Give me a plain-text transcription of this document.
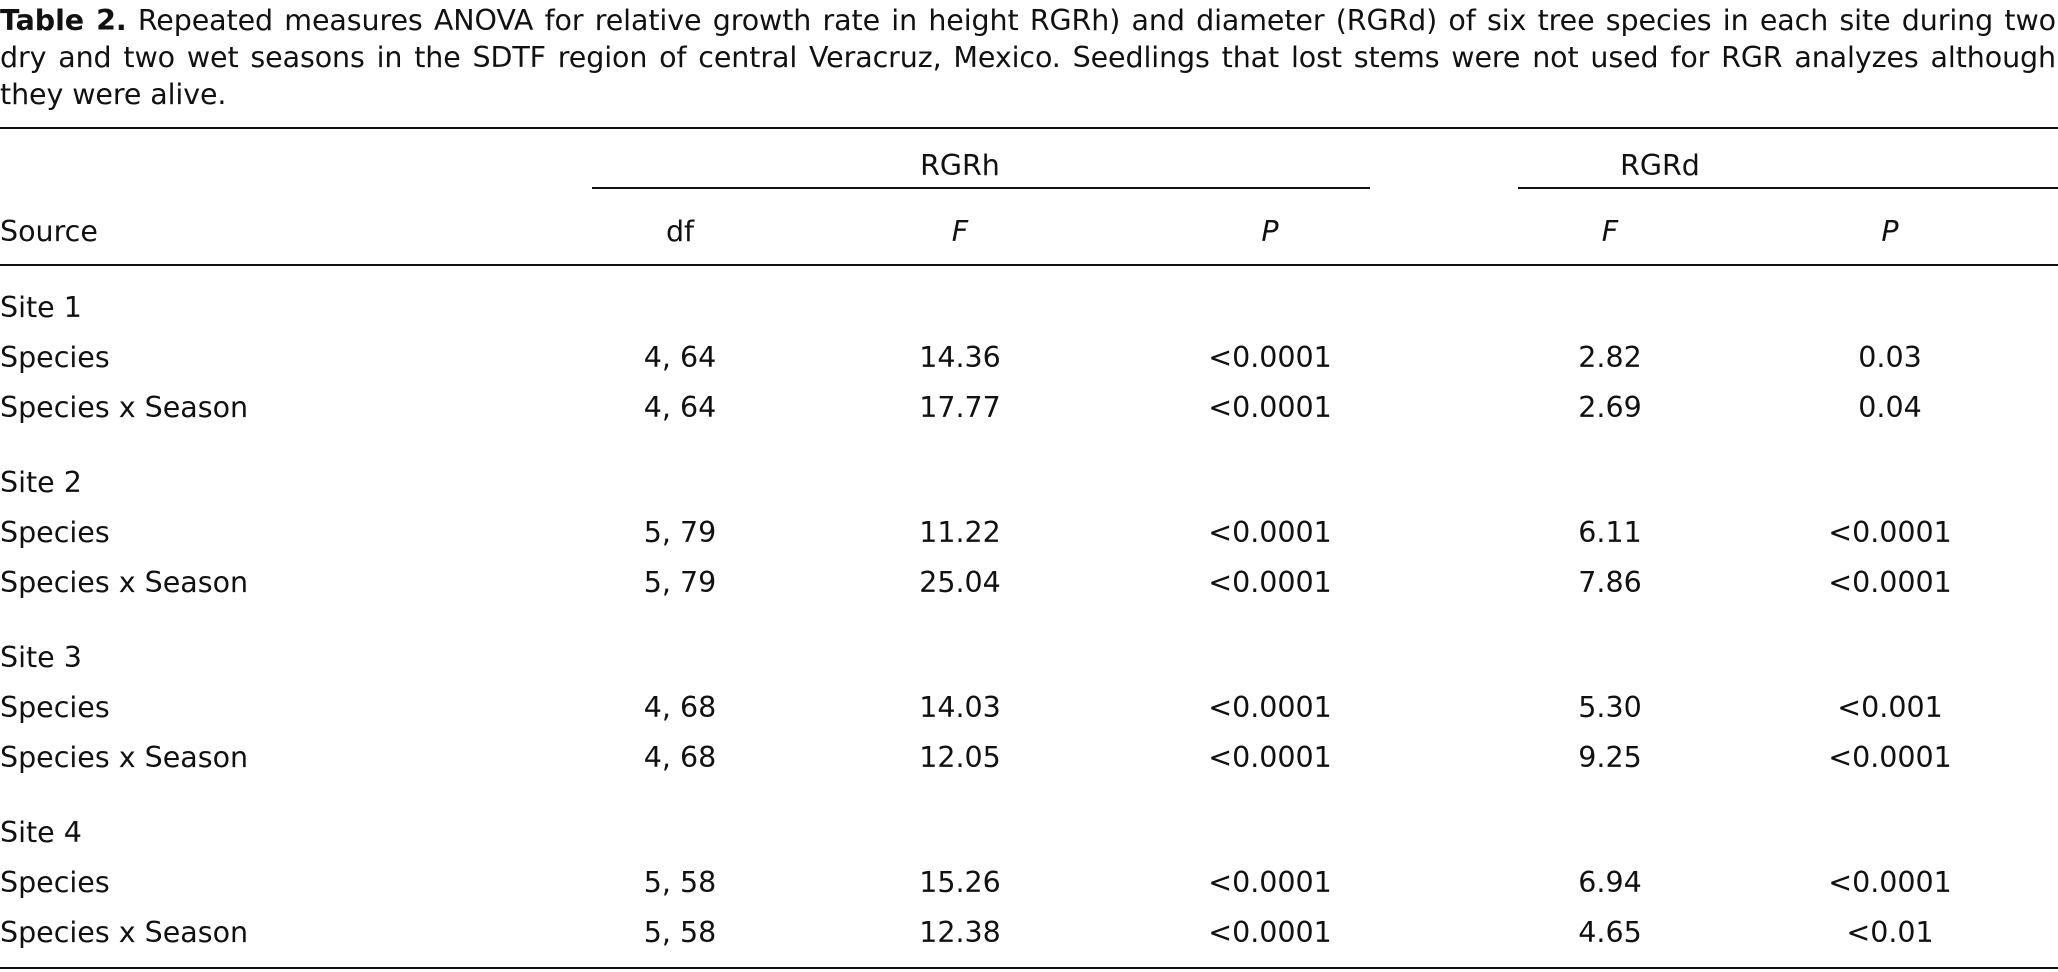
Table 2. Repeated measures ANOVA for relative growth rate in height RGRh) and diameter (RGRd) of six tree species in each site during two dry and two wet seasons in the SDTF region of central Veracruz, Mexico. Seedlings that lost stems were not used for RGR analyzes although they were alive.
RGRh	RGRd
Source	df	F	P	F	P
Site 1
Species	4, 64	14.36	<0.0001	2.82	0.03
Species x Season	4, 64	17.77	<0.0001	2.69	0.04
Site 2
Species	5, 79	11.22	<0.0001	6.11	<0.0001
Species x Season	5, 79	25.04	<0.0001	7.86	<0.0001
Site 3
Species	4, 68	14.03	<0.0001	5.30	<0.001
Species x Season	4, 68	12.05	<0.0001	9.25	<0.0001
Site 4
Species	5, 58	15.26	<0.0001	6.94	<0.0001
Species x Season	5, 58	12.38	<0.0001	4.65	<0.01
